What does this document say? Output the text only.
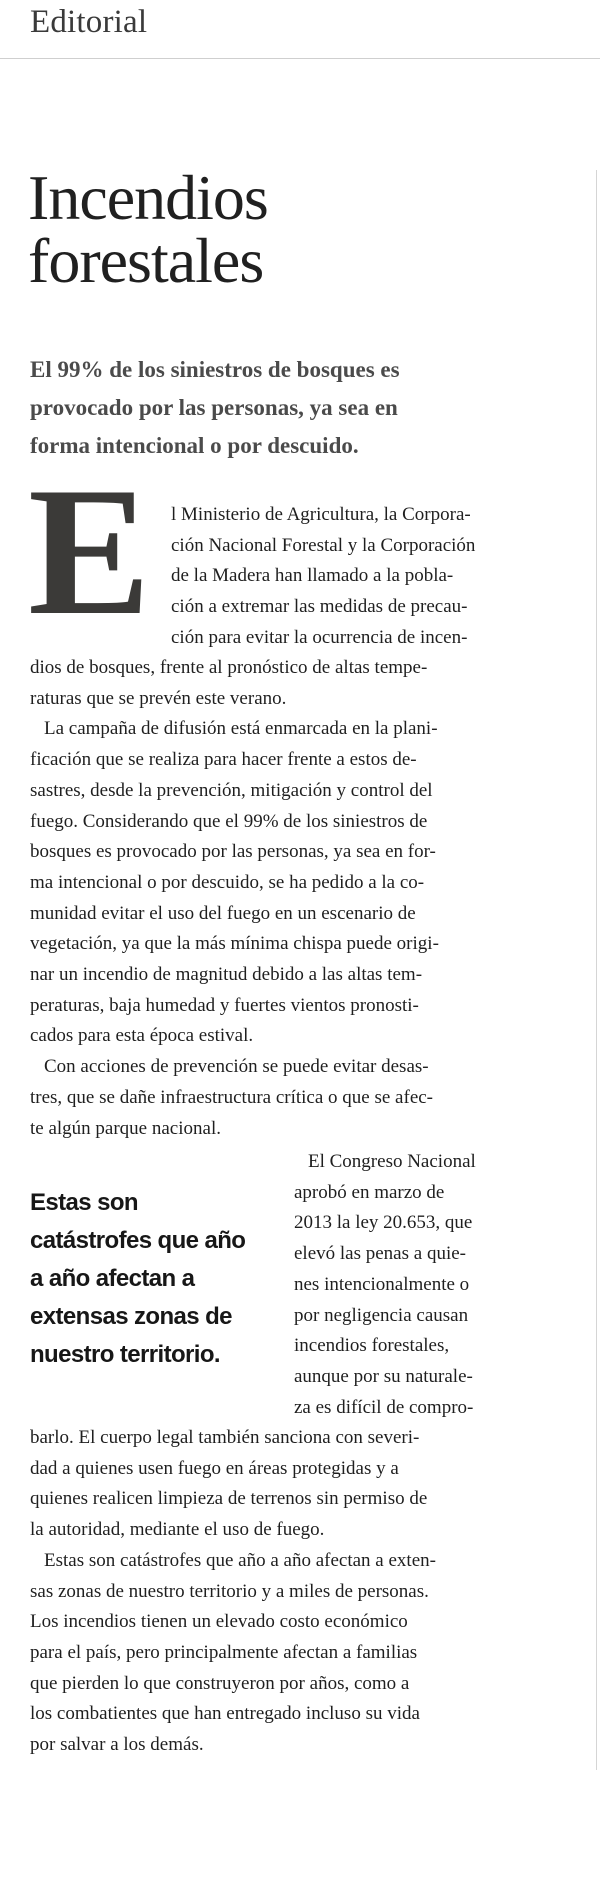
Editorial
Incendios
forestales
El 99% de los siniestros de bosques es
provocado por las personas, ya sea en
forma intencional o por descuido.
E l Ministerio de Agricultura, la Corpora-
ción Nacional Forestal y la Corporación
de la Madera han llamado a la pobla-
ción a extremar las medidas de precau-
ción para evitar la ocurrencia de incen-
dios de bosques, frente al pronóstico de altas tempe-
raturas que se prevén este verano.
La campaña de difusión está enmarcada en la plani-
ficación que se realiza para hacer frente a estos de-
sastres, desde la prevención, mitigación y control del
fuego. Considerando que el 99% de los siniestros de
bosques es provocado por las personas, ya sea en for-
ma intencional o por descuido, se ha pedido a la co-
munidad evitar el uso del fuego en un escenario de
vegetación, ya que la más mínima chispa puede origi-
nar un incendio de magnitud debido a las altas tem-
peraturas, baja humedad y fuertes vientos pronosti-
cados para esta época estival.
Con acciones de prevención se puede evitar desas-
tres, que se dañe infraestructura crítica o que se afec-
te algún parque nacional.
Estas son
catástrofes que año
a año afectan a
extensas zonas de
nuestro territorio.
El Congreso Nacional
aprobó en marzo de
2013 la ley 20.653, que
elevó las penas a quie-
nes intencionalmente o
por negligencia causan
incendios forestales,
aunque por su naturale-
za es difícil de compro-
barlo. El cuerpo legal también sanciona con severi-
dad a quienes usen fuego en áreas protegidas y a
quienes realicen limpieza de terrenos sin permiso de
la autoridad, mediante el uso de fuego.
Estas son catástrofes que año a año afectan a exten-
sas zonas de nuestro territorio y a miles de personas.
Los incendios tienen un elevado costo económico
para el país, pero principalmente afectan a familias
que pierden lo que construyeron por años, como a
los combatientes que han entregado incluso su vida
por salvar a los demás.
